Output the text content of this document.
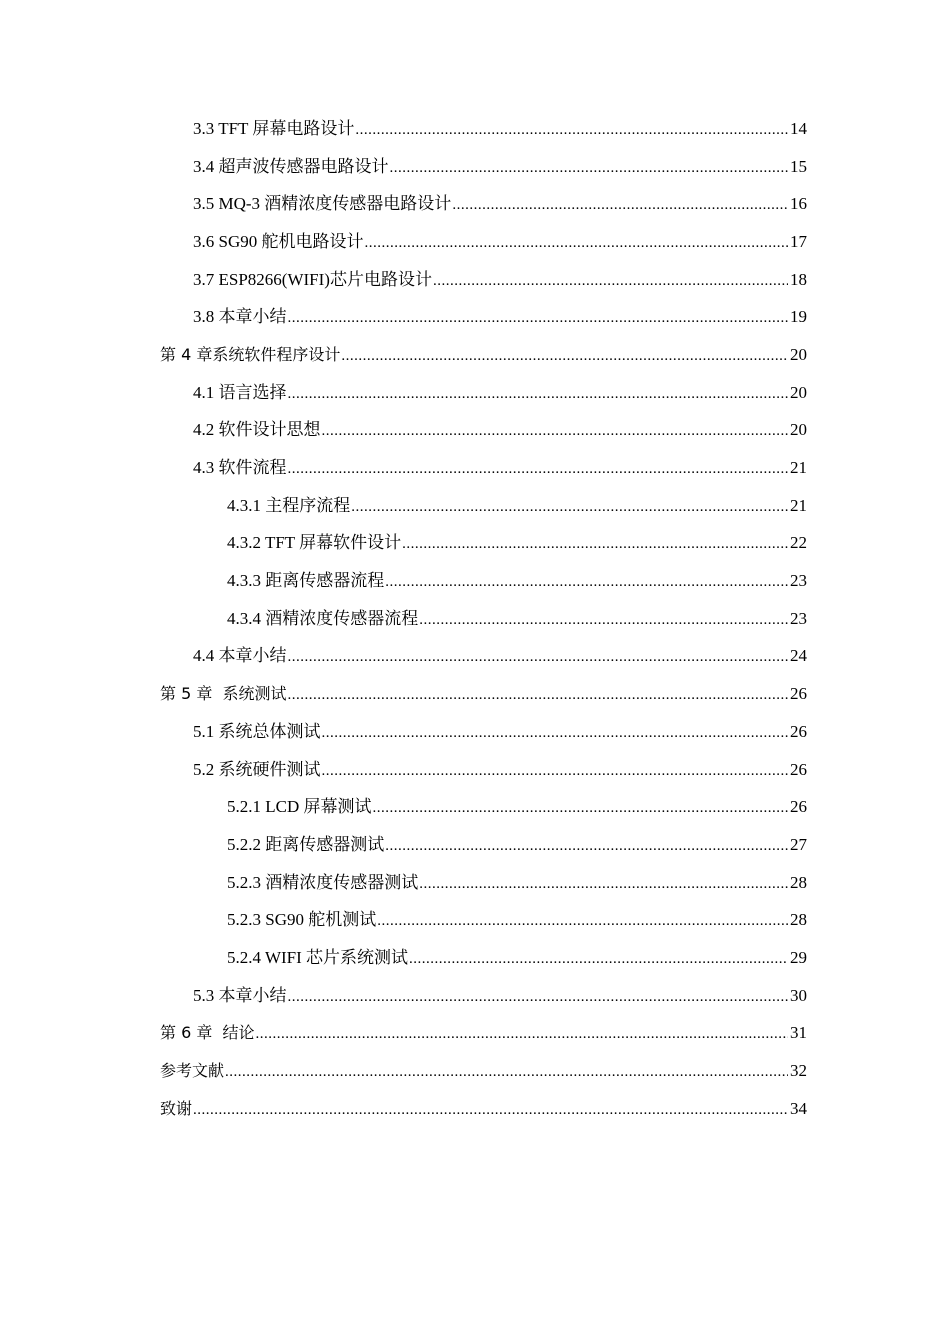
3.3 TFT 屏幕电路设计 .....	14
3.4 超声波传感器电路设计 .....	15
3.5 MQ-3 酒精浓度传感器电路设计 .....	16
3.6 SG90 舵机电路设计 .....	17
3.7 ESP8266(WIFI)芯片电路设计 .....	18
3.8 本章小结 .....	19
第 4 章系统软件程序设计 .....	20
4.1 语言选择 .....	20
4.2 软件设计思想 .....	20
4.3 软件流程 .....	21
4.3.1 主程序流程 .....	21
4.3.2 TFT 屏幕软件设计 .....	22
4.3.3 距离传感器流程 .....	23
4.3.4 酒精浓度传感器流程 .....	23
4.4 本章小结 .....	24
第 5 章  系统测试 .....	26
5.1 系统总体测试 .....	26
5.2 系统硬件测试 .....	26
5.2.1 LCD 屏幕测试 .....	26
5.2.2 距离传感器测试 .....	27
5.2.3 酒精浓度传感器测试 .....	28
5.2.3 SG90 舵机测试 .....	28
5.2.4 WIFI 芯片系统测试 .....	29
5.3 本章小结 .....	30
第 6 章  结论 .....	31
参考文献 .....	32
致谢 .....	34
